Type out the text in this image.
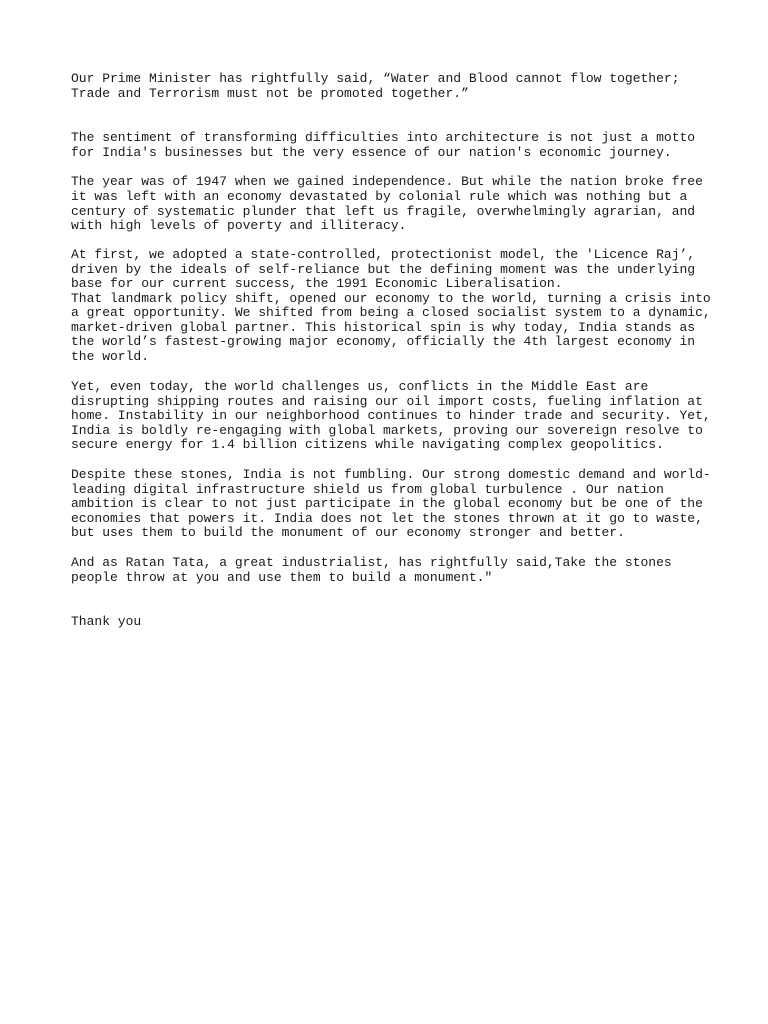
Our Prime Minister has rightfully said, “Water and Blood cannot flow together;

Trade and Terrorism must not be promoted together.”

The sentiment of transforming difficulties into architecture is not just a motto

for India's businesses but the very essence of our nation's economic journey.

The year was of 1947 when we gained independence. But while the nation broke free

it was left with an economy devastated by colonial rule which was nothing but a

century of systematic plunder that left us fragile, overwhelmingly agrarian, and

with high levels of poverty and illiteracy.

At first, we adopted a state-controlled, protectionist model, the 'Licence Raj’,

driven by the ideals of self-reliance but the defining moment was the underlying

base for our current success, the 1991 Economic Liberalisation.

That landmark policy shift, opened our economy to the world, turning a crisis into

a great opportunity. We shifted from being a closed socialist system to a dynamic,

market-driven global partner. This historical spin is why today, India stands as

the world’s fastest-growing major economy, officially the 4th largest economy in

the world.

Yet, even today, the world challenges us, conflicts in the Middle East are

disrupting shipping routes and raising our oil import costs, fueling inflation at

home. Instability in our neighborhood continues to hinder trade and security. Yet,

India is boldly re-engaging with global markets, proving our sovereign resolve to

secure energy for 1.4 billion citizens while navigating complex geopolitics.

Despite these stones, India is not fumbling. Our strong domestic demand and world-

leading digital infrastructure shield us from global turbulence . Our nation

ambition is clear to not just participate in the global economy but be one of the

economies that powers it. India does not let the stones thrown at it go to waste,

but uses them to build the monument of our economy stronger and better.

And as Ratan Tata, a great industrialist, has rightfully said,Take the stones

people throw at you and use them to build a monument."

Thank you
